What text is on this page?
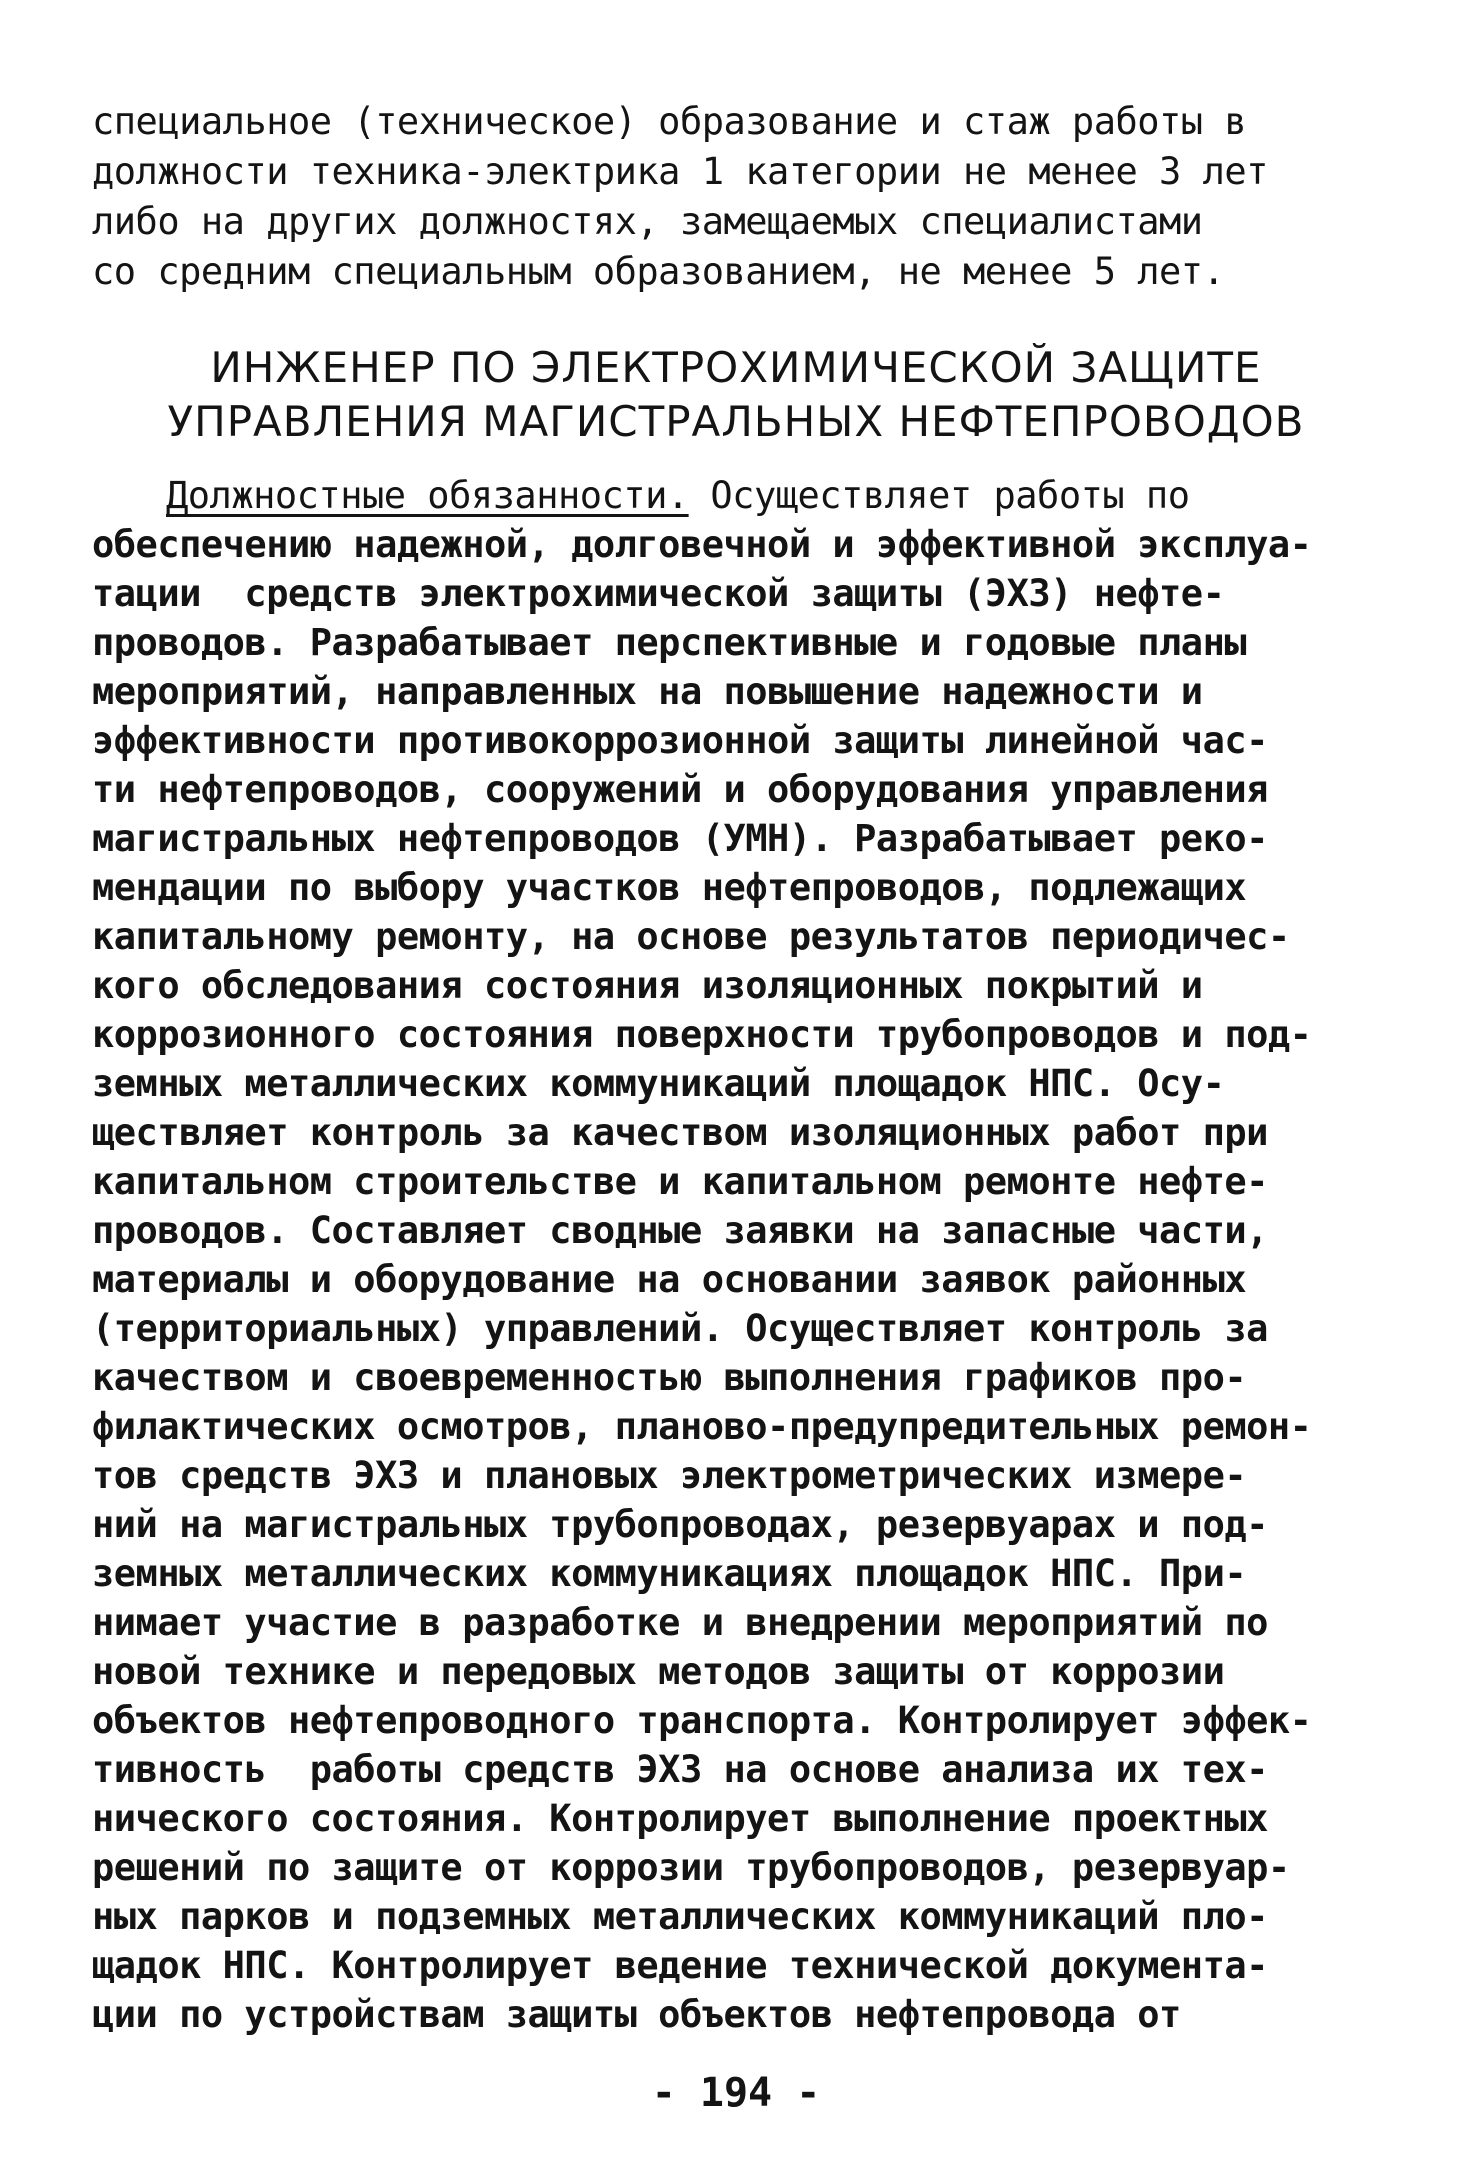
специальное (техническое) образование и стаж работы в
должности техника-электрика 1 категории не менее 3 лет
либо на других должностях, замещаемых специалистами
со средним специальным образованием, не менее 5 лет.
ИНЖЕНЕР ПО ЭЛЕКТРОХИМИЧЕСКОЙ ЗАЩИТЕ
УПРАВЛЕНИЯ МАГИСТРАЛЬНЫХ НЕФТЕПРОВОДОВ
Должностные обязанности. Осуществляет работы по
обеспечению надежной, долговечной и эффективной эксплуа-
тации  средств электрохимической защиты (ЭХЗ) нефте-
проводов. Разрабатывает перспективные и годовые планы
мероприятий, направленных на повышение надежности и
эффективности противокоррозионной защиты линейной час-
ти нефтепроводов, сооружений и оборудования управления
магистральных нефтепроводов (УМН). Разрабатывает реко-
мендации по выбору участков нефтепроводов, подлежащих
капитальному ремонту, на основе результатов периодичес-
кого обследования состояния изоляционных покрытий и
коррозионного состояния поверхности трубопроводов и под-
земных металлических коммуникаций площадок НПС. Осу-
ществляет контроль за качеством изоляционных работ при
капитальном строительстве и капитальном ремонте нефте-
проводов. Составляет сводные заявки на запасные части,
материалы и оборудование на основании заявок районных
(территориальных) управлений. Осуществляет контроль за
качеством и своевременностью выполнения графиков про-
филактических осмотров, планово-предупредительных ремон-
тов средств ЭХЗ и плановых электрометрических измере-
ний на магистральных трубопроводах, резервуарах и под-
земных металлических коммуникациях площадок НПС. При-
нимает участие в разработке и внедрении мероприятий по
новой технике и передовых методов защиты от коррозии
объектов нефтепроводного транспорта. Контролирует эффек-
тивность  работы средств ЭХЗ на основе анализа их тех-
нического состояния. Контролирует выполнение проектных
решений по защите от коррозии трубопроводов, резервуар-
ных парков и подземных металлических коммуникаций пло-
щадок НПС. Контролирует ведение технической документа-
ции по устройствам защиты объектов нефтепровода от
- 194 -
